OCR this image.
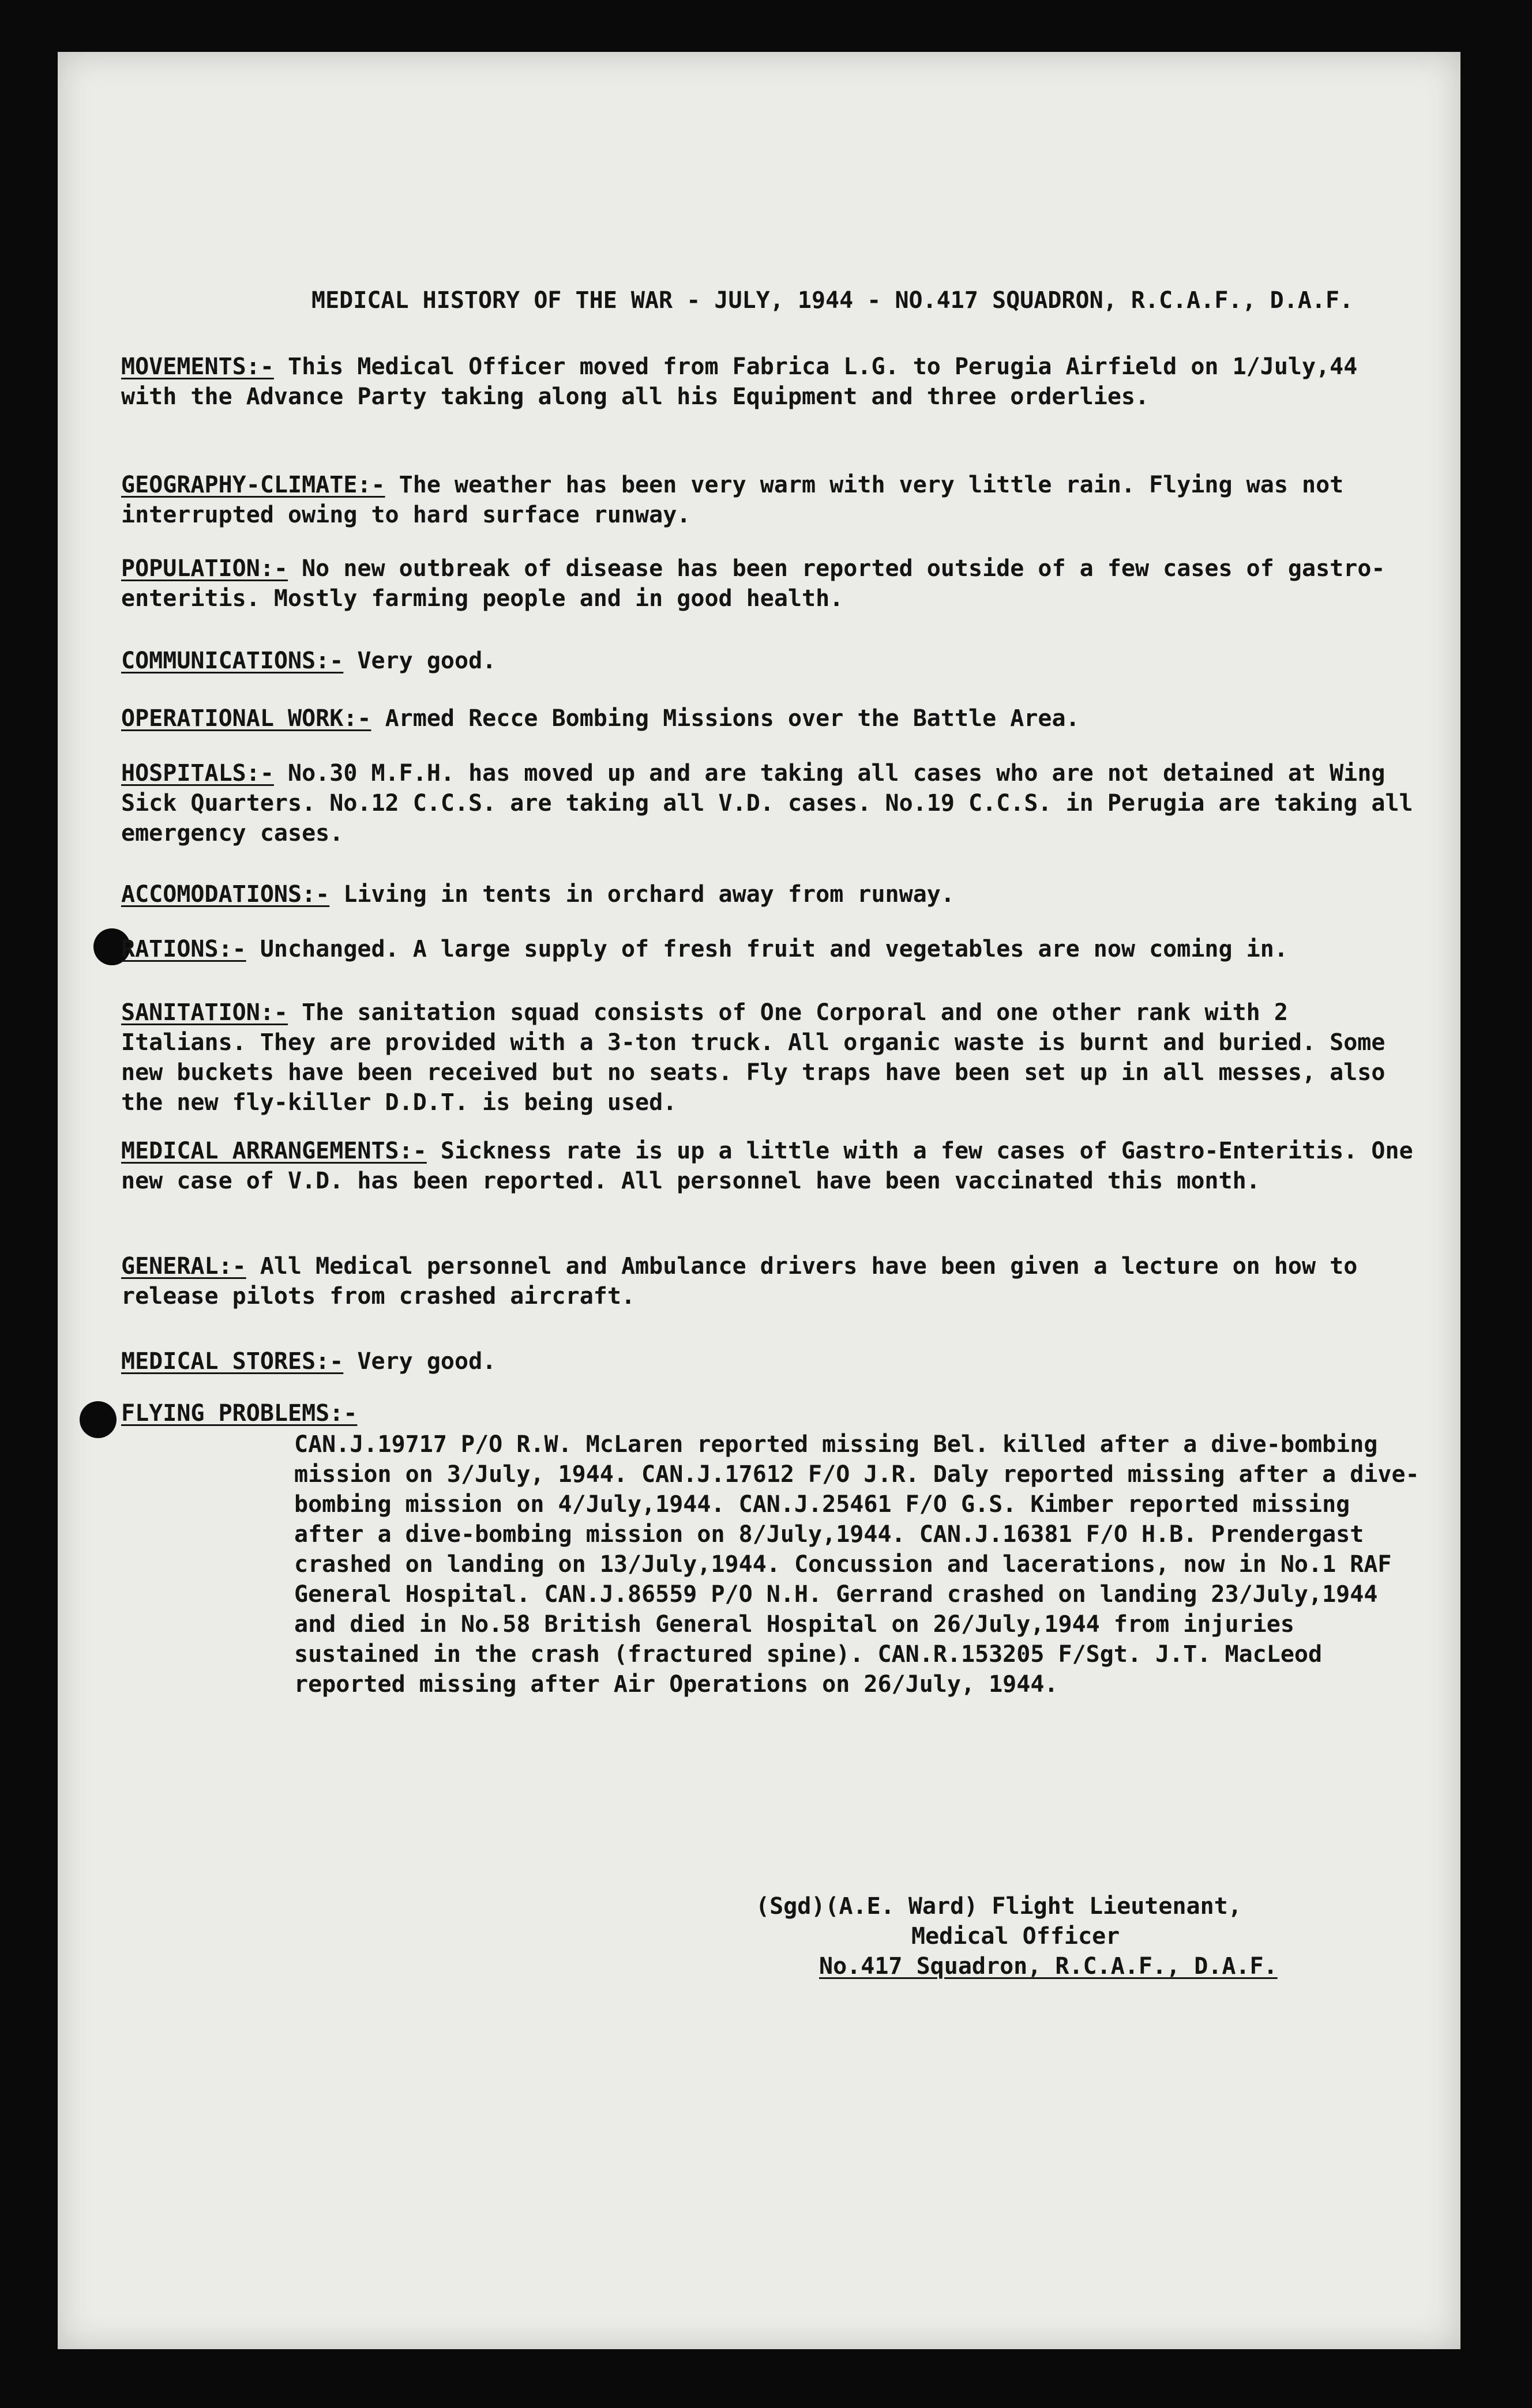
MEDICAL HISTORY OF THE WAR - JULY, 1944 - NO.417 SQUADRON, R.C.A.F., D.A.F.
MOVEMENTS:- This Medical Officer moved from Fabrica L.G. to Perugia Airfield on 1/July,44 with the Advance Party taking along all his Equipment and three orderlies.
GEOGRAPHY-CLIMATE:- The weather has been very warm with very little rain. Flying was not interrupted owing to hard surface runway.
POPULATION:- No new outbreak of disease has been reported outside of a few cases of gastro-enteritis. Mostly farming people and in good health.
COMMUNICATIONS:- Very good.
OPERATIONAL WORK:- Armed Recce Bombing Missions over the Battle Area.
HOSPITALS:- No.30 M.F.H. has moved up and are taking all cases who are not detained at Wing Sick Quarters. No.12 C.C.S. are taking all V.D. cases. No.19 C.C.S. in Perugia are taking all emergency cases.
ACCOMODATIONS:- Living in tents in orchard away from runway.
RATIONS:- Unchanged. A large supply of fresh fruit and vegetables are now coming in.
SANITATION:- The sanitation squad consists of One Corporal and one other rank with 2 Italians. They are provided with a 3-ton truck. All organic waste is burnt and buried. Some new buckets have been received but no seats. Fly traps have been set up in all messes, also the new fly-killer D.D.T. is being used.
MEDICAL ARRANGEMENTS:- Sickness rate is up a little with a few cases of Gastro-Enteritis. One new case of V.D. has been reported. All personnel have been vaccinated this month.
GENERAL:- All Medical personnel and Ambulance drivers have been given a lecture on how to release pilots from crashed aircraft.
MEDICAL STORES:- Very good.
FLYING PROBLEMS:-
CAN.J.19717 P/O R.W. McLaren reported missing Bel. killed after a dive-bombing mission on 3/July, 1944. CAN.J.17612 F/O J.R. Daly reported missing after a dive-bombing mission on 4/July,1944. CAN.J.25461 F/O G.S. Kimber reported missing after a dive-bombing mission on 8/July,1944. CAN.J.16381 F/O H.B. Prendergast crashed on landing on 13/July,1944. Concussion and lacerations, now in No.1 RAF General Hospital. CAN.J.86559 P/O N.H. Gerrand crashed on landing 23/July,1944 and died in No.58 British General Hospital on 26/July,1944 from injuries sustained in the crash (fractured spine). CAN.R.153205 F/Sgt. J.T. MacLeod reported missing after Air Operations on 26/July, 1944.
(Sgd)(A.E. Ward) Flight Lieutenant,
Medical Officer
No.417 Squadron, R.C.A.F., D.A.F.
